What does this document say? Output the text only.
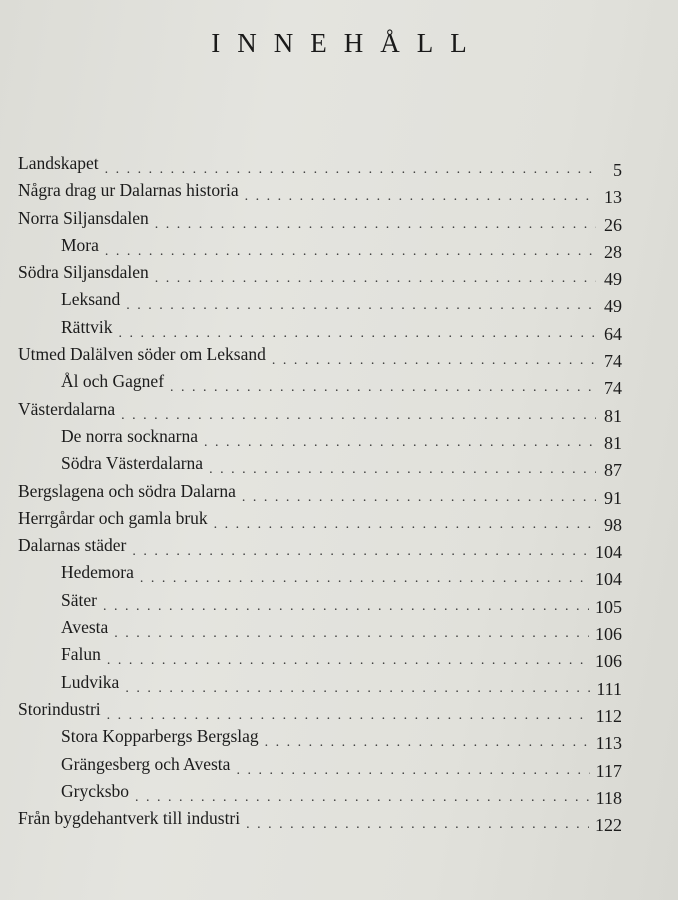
INNEHÅLL
Landskapet . . .	5
Några drag ur Dalarnas historia . . .	13
Norra Siljansdalen . . .	26
Mora . . .	28
Södra Siljansdalen . . .	49
Leksand . . .	49
Rättvik . . .	64
Utmed Dalälven söder om Leksand . . .	74
Ål och Gagnef . . .	74
Västerdalarna . . .	81
De norra socknarna . . .	81
Södra Västerdalarna . . .	87
Bergslagena och södra Dalarna . . .	91
Herrgårdar och gamla bruk . . .	98
Dalarnas städer . . .	104
Hedemora . . .	104
Säter . . .	105
Avesta . . .	106
Falun . . .	106
Ludvika . . .	111
Storindustri . . .	112
Stora Kopparbergs Bergslag . . .	113
Grängesberg och Avesta . . .	117
Grycksbo . . .	118
Från bygdehantverk till industri . . .	122
